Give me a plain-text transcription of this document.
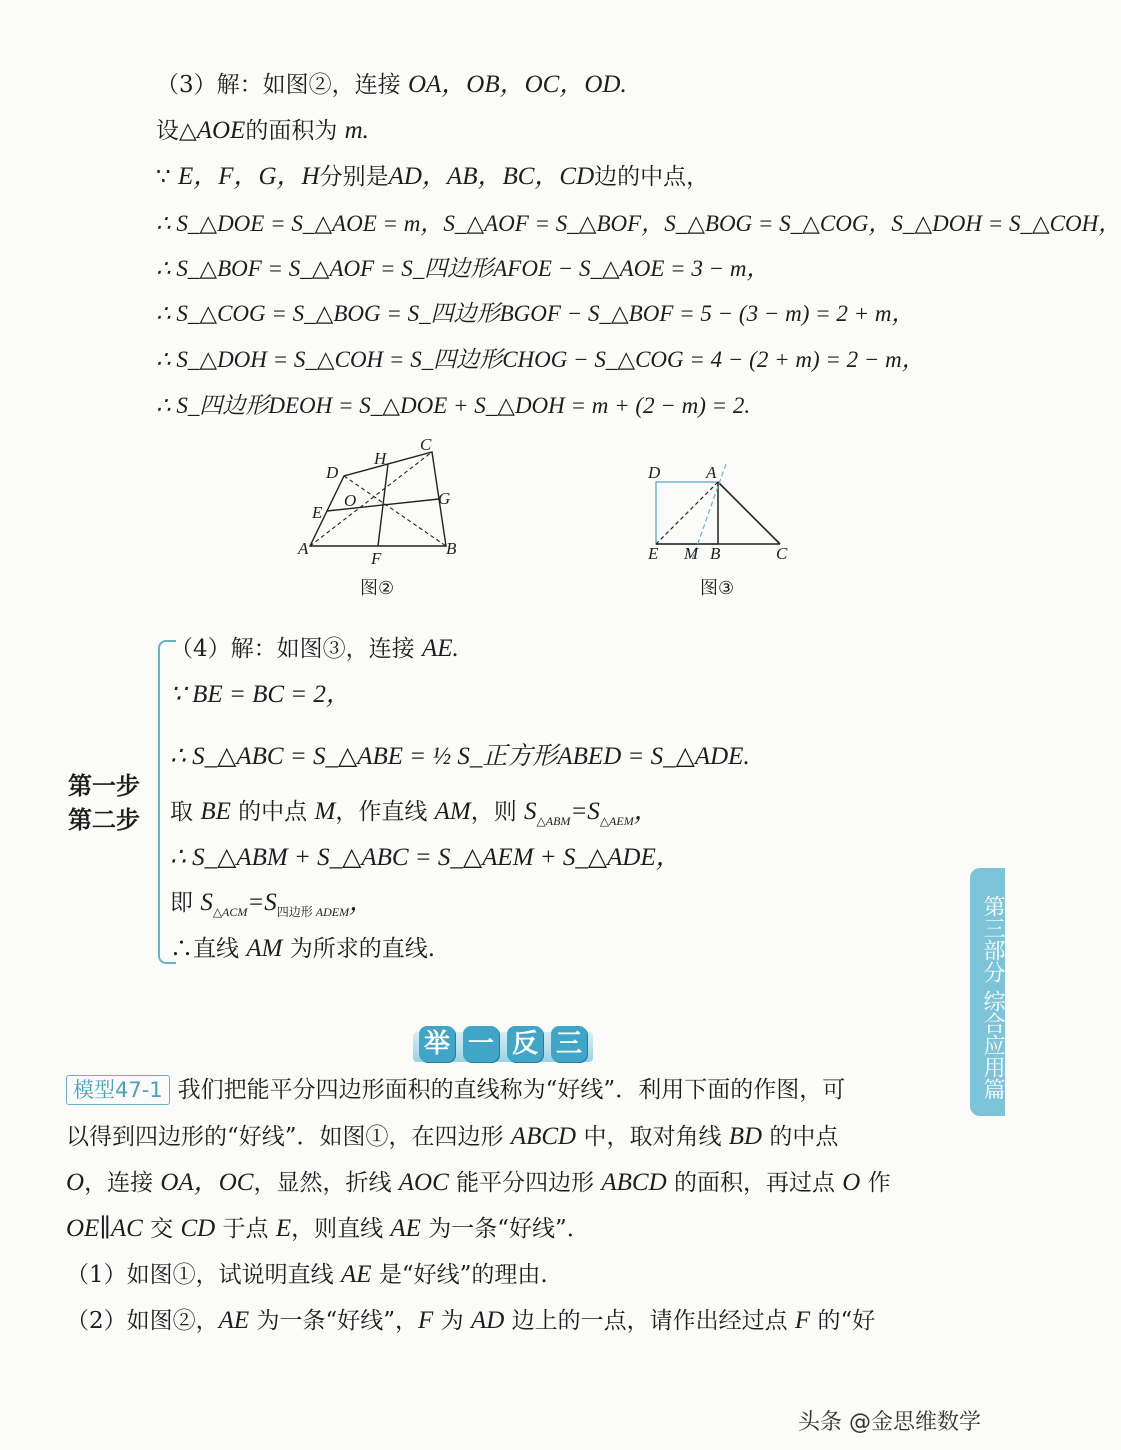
（3）解：如图②，连接 OA，OB，OC，OD.
设△AOE的面积为 m.
∵ E，F，G，H分别是AD，AB，BC，CD边的中点，
∴ S_△DOE = S_△AOE = m，S_△AOF = S_△BOF，S_△BOG = S_△COG，S_△DOH = S_△COH，
∴ S_△BOF = S_△AOF = S_四边形AFOE − S_△AOE = 3 − m，
∴ S_△COG = S_△BOG = S_四边形BGOF − S_△BOF = 5 − (3 − m) = 2 + m，
∴ S_△DOH = S_△COH = S_四边形CHOG − S_△COG = 4 − (2 + m) = 2 − m，
∴ S_四边形DEOH = S_△DOE + S_△DOH = m + (2 − m) = 2.
A	B
C
D
E
F
G
H
O
图②
D	A
E M B	C
图③
第一步
第二步
（4）解：如图③，连接 AE.
∵ BE = BC = 2，
∴ S_△ABC = S_△ABE = ½ S_正方形ABED = S_△ADE.
取 BE 的中点 M，作直线 AM，则 $S_{\triangle ABM}=S_{\triangle AEM}$，
∴ S_△ABM + S_△ABC = S_△AEM + S_△ADE，
即 $S_{\triangle ACM}=S_{四边形 ADEM}$，
∴直线 AM 为所求的直线.
举 一 反 三
模型47-1 我们把能平分四边形面积的直线称为“好线”．利用下面的作图，可
以得到四边形的“好线”．如图①，在四边形 ABCD 中，取对角线 BD 的中点
O，连接 OA，OC，显然，折线 AOC 能平分四边形 ABCD 的面积，再过点 O 作
OE∥AC 交 CD 于点 E，则直线 AE 为一条“好线”．
（1）如图①，试说明直线 AE 是“好线”的理由.
（2）如图②，AE 为一条“好线”，F 为 AD 边上的一点，请作出经过点 F 的“好
第三部分 综合应用篇
头条 @金思维数学
